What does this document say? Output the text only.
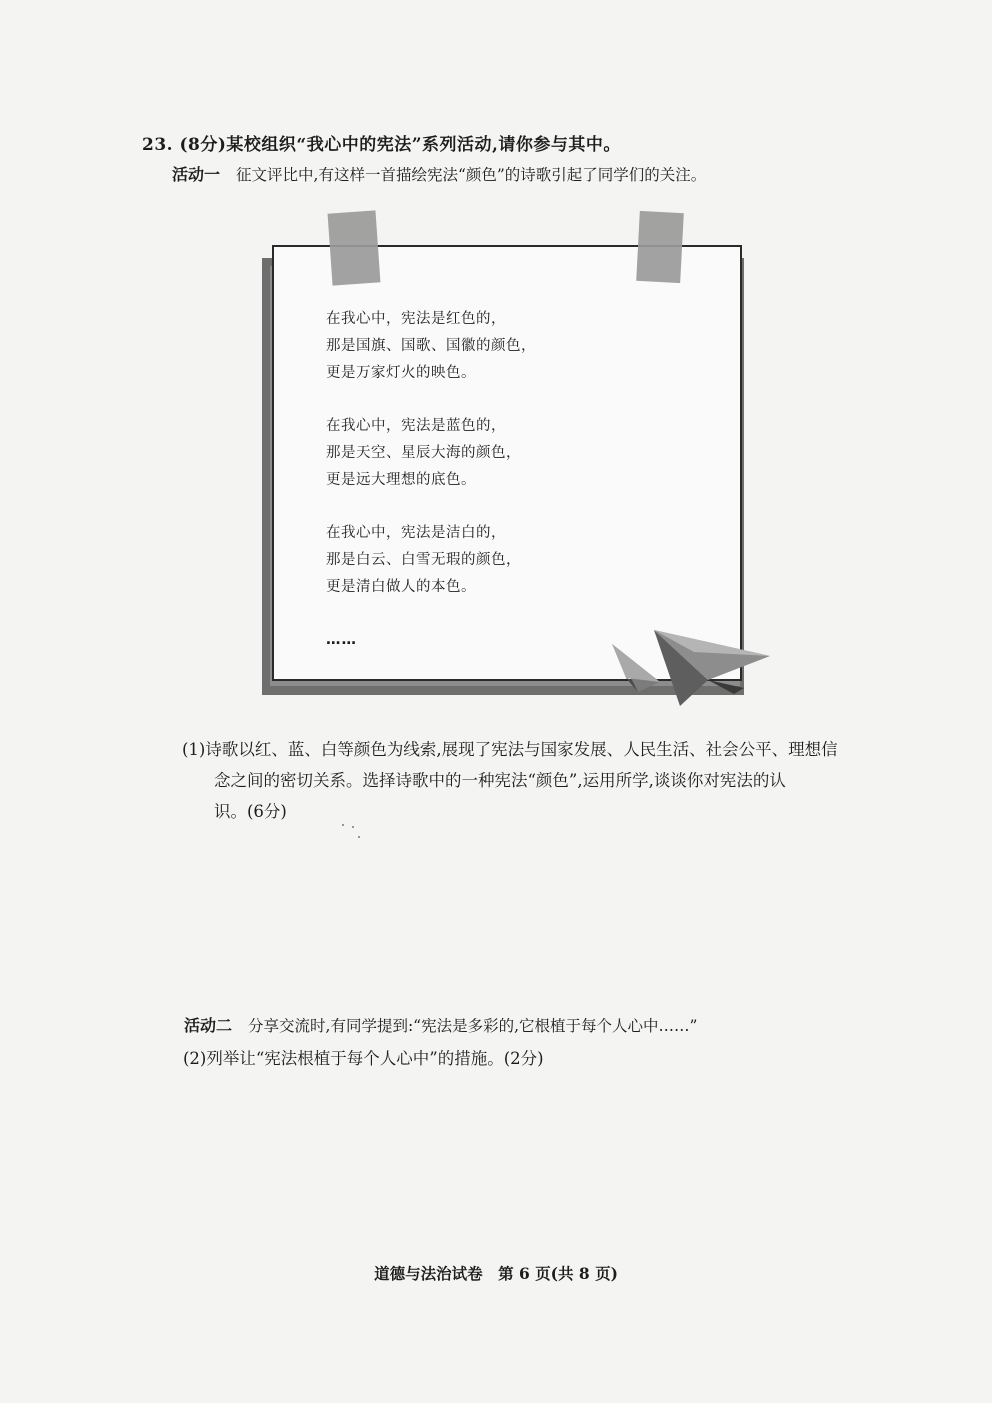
23. (8分)某校组织“我心中的宪法”系列活动,请你参与其中。
活动一 征文评比中,有这样一首描绘宪法“颜色”的诗歌引起了同学们的关注。
在我心中，宪法是红色的，
那是国旗、国歌、国徽的颜色，
更是万家灯火的映色。
在我心中，宪法是蓝色的，
那是天空、星辰大海的颜色，
更是远大理想的底色。
在我心中，宪法是洁白的，
那是白云、白雪无瑕的颜色，
更是清白做人的本色。
……
(1)诗歌以红、蓝、白等颜色为线索,展现了宪法与国家发展、人民生活、社会公平、理想信
念之间的密切关系。选择诗歌中的一种宪法“颜色”,运用所学,谈谈你对宪法的认
识。(6分)
活动二 分享交流时,有同学提到:“宪法是多彩的,它根植于每个人心中……”
(2)列举让“宪法根植于每个人心中”的措施。(2分)
道德与法治试卷　第 6 页(共 8 页)
